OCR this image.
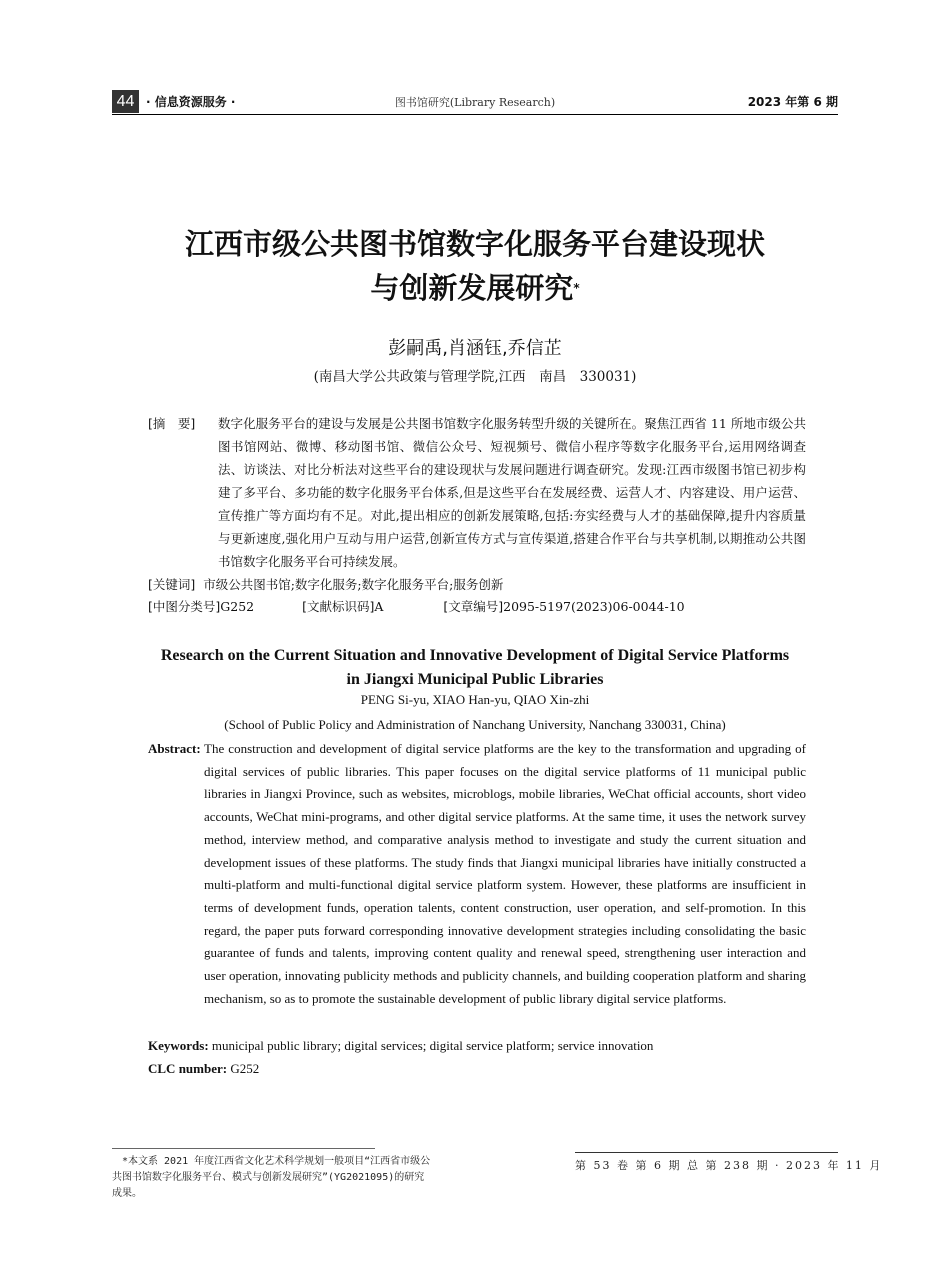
44 · 信息资源服务 ·	图书馆研究(Library Research)	2023 年第 6 期
江西市级公共图书馆数字化服务平台建设现状
与创新发展研究*
彭嗣禹,肖涵钰,乔信芷
(南昌大学公共政策与管理学院,江西　南昌　330031)
[摘　要]	数字化服务平台的建设与发展是公共图书馆数字化服务转型升级的关键所在。聚焦江西省 11 所地市级公共图书馆网站、微博、移动图书馆、微信公众号、短视频号、微信小程序等数字化服务平台,运用网络调查法、访谈法、对比分析法对这些平台的建设现状与发展问题进行调查研究。发现:江西市级图书馆已初步构建了多平台、多功能的数字化服务平台体系,但是这些平台在发展经费、运营人才、内容建设、用户运营、宣传推广等方面均有不足。对此,提出相应的创新发展策略,包括:夯实经费与人才的基础保障,提升内容质量与更新速度,强化用户互动与用户运营,创新宣传方式与宣传渠道,搭建合作平台与共享机制,以期推动公共图书馆数字化服务平台可持续发展。
[关键词] 市级公共图书馆;数字化服务;数字化服务平台;服务创新
[中图分类号]G252	[文献标识码]A	[文章编号]2095-5197(2023)06-0044-10
Research on the Current Situation and Innovative Development of Digital Service Platforms
in Jiangxi Municipal Public Libraries
PENG Si-yu, XIAO Han-yu, QIAO Xin-zhi
(School of Public Policy and Administration of Nanchang University, Nanchang 330031, China)
Abstract: The construction and development of digital service platforms are the key to the transformation and upgrading of digital services of public libraries. This paper focuses on the digital service platforms of 11 municipal public libraries in Jiangxi Province, such as websites, microblogs, mobile libraries, WeChat official accounts, short video accounts, WeChat mini-programs, and other digital service platforms. At the same time, it uses the network survey method, interview method, and comparative analysis method to investigate and study the current situation and development issues of these platforms. The study finds that Jiangxi municipal libraries have initially constructed a multi-platform and multi-functional digital service platform system. However, these platforms are insufficient in terms of development funds, operation talents, content construction, user operation, and self-promotion. In this regard, the paper puts forward corresponding innovative development strategies including consolidating the basic guarantee of funds and talents, improving content quality and renewal speed, strengthening user interaction and user operation, innovating publicity methods and publicity channels, and building cooperation platform and sharing mechanism, so as to promote the sustainable development of public library digital service platforms.
Keywords: municipal public library; digital services; digital service platform; service innovation
CLC number: G252
*本文系 2021 年度江西省文化艺术科学规划一般项目“江西省市级公共图书馆数字化服务平台、模式与创新发展研究”(YG2021095)的研究成果。
第 53 卷 第 6 期 总 第 238 期 · 2023 年 11 月
